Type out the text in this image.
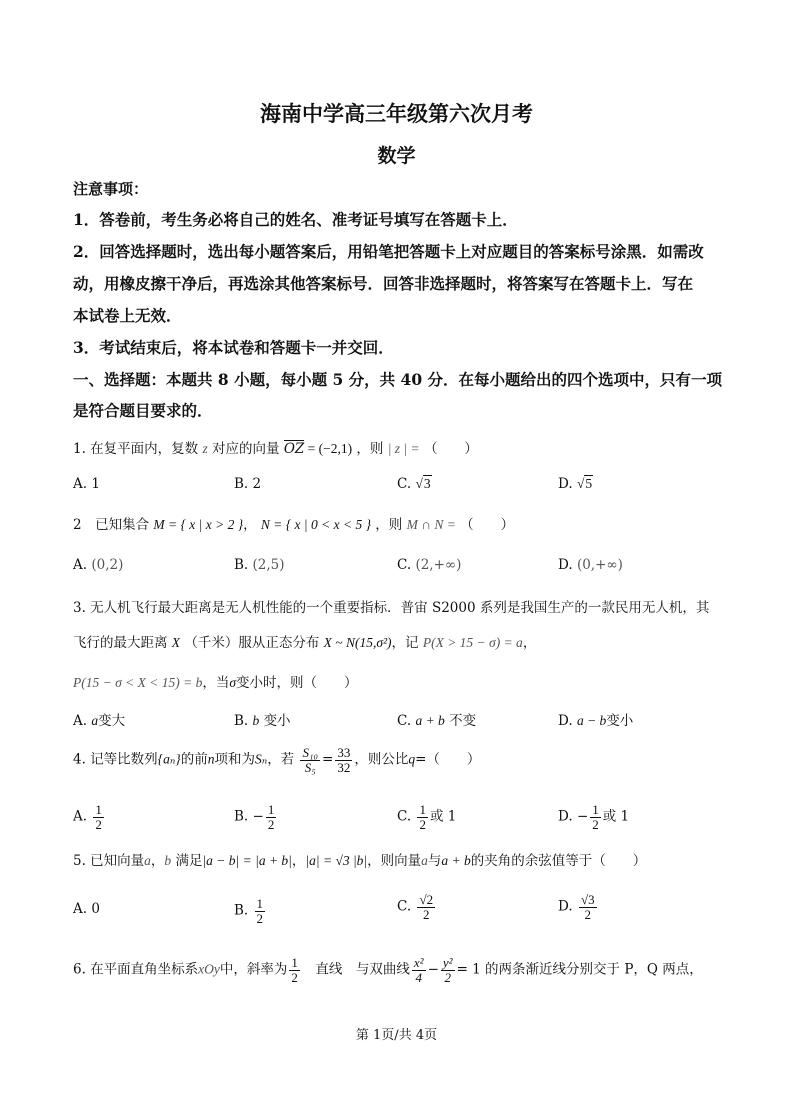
海南中学高三年级第六次月考
数学
注意事项：
1．答卷前，考生务必将自己的姓名、准考证号填写在答题卡上．
2．回答选择题时，选出每小题答案后，用铅笔把答题卡上对应题目的答案标号涂黑．如需改
动，用橡皮擦干净后，再选涂其他答案标号．回答非选择题时，将答案写在答题卡上．写在
本试卷上无效．
3．考试结束后，将本试卷和答题卡一并交回．
一、选择题：本题共 8 小题，每小题 5 分，共 40 分．在每小题给出的四个选项中，只有一项
是符合题目要求的．
1. 在复平面内，复数 z 对应的向量 OZ = (−2,1) ，则 | z | = （　　）
A. 1	B. 2	C. √3	D. √5
2　已知集合 M = { x | x > 2 }， N = { x | 0 < x < 5 } ，则 M ∩ N = （　　）
A. (0,2)	B. (2,5)	C. (2,+∞)	D. (0,+∞)
3. 无人机飞行最大距离是无人机性能的一个重要指标．普宙 S2000 系列是我国生产的一款民用无人机，其
飞行的最大距离 X （千米）服从正态分布 X ~ N(15,σ²)，记 P(X > 15 − σ) = a，
P(15 − σ < X < 15) = b，当σ变小时，则（　　）
A. a变大	B. b 变小	C. a + b 不变	D. a − b变小
4. 记等比数列{aₙ}的前n项和为Sₙ，若 $\frac{\text{S₁₀}}{\text{S₅}} = \frac{33}{32}$ ，则公比q=（　　）
A. $\frac{1}{2}$	B. − $\frac{1}{2}$	C. $\frac{1}{2}$ 或 1	D. − $\frac{1}{2}$ 或 1
5. 已知向量a，b 满足|a − b| = |a + b|，|a| = √3 |b|，则向量a与a + b的夹角的余弦值等于（　　）
A. 0	B. $\frac{1}{2}$	C. $\frac{√2}{2}$	D. $\frac{√3}{2}$
6. 在平面直角坐标系xOy中，斜率为 $\frac{1}{2}$ 　直线　与双曲线 $\frac{\text{x²}}{4} - \frac{\text{y²}}{2} = 1$ 的两条渐近线分别交于 P，Q 两点，
第 1页/共 4页
